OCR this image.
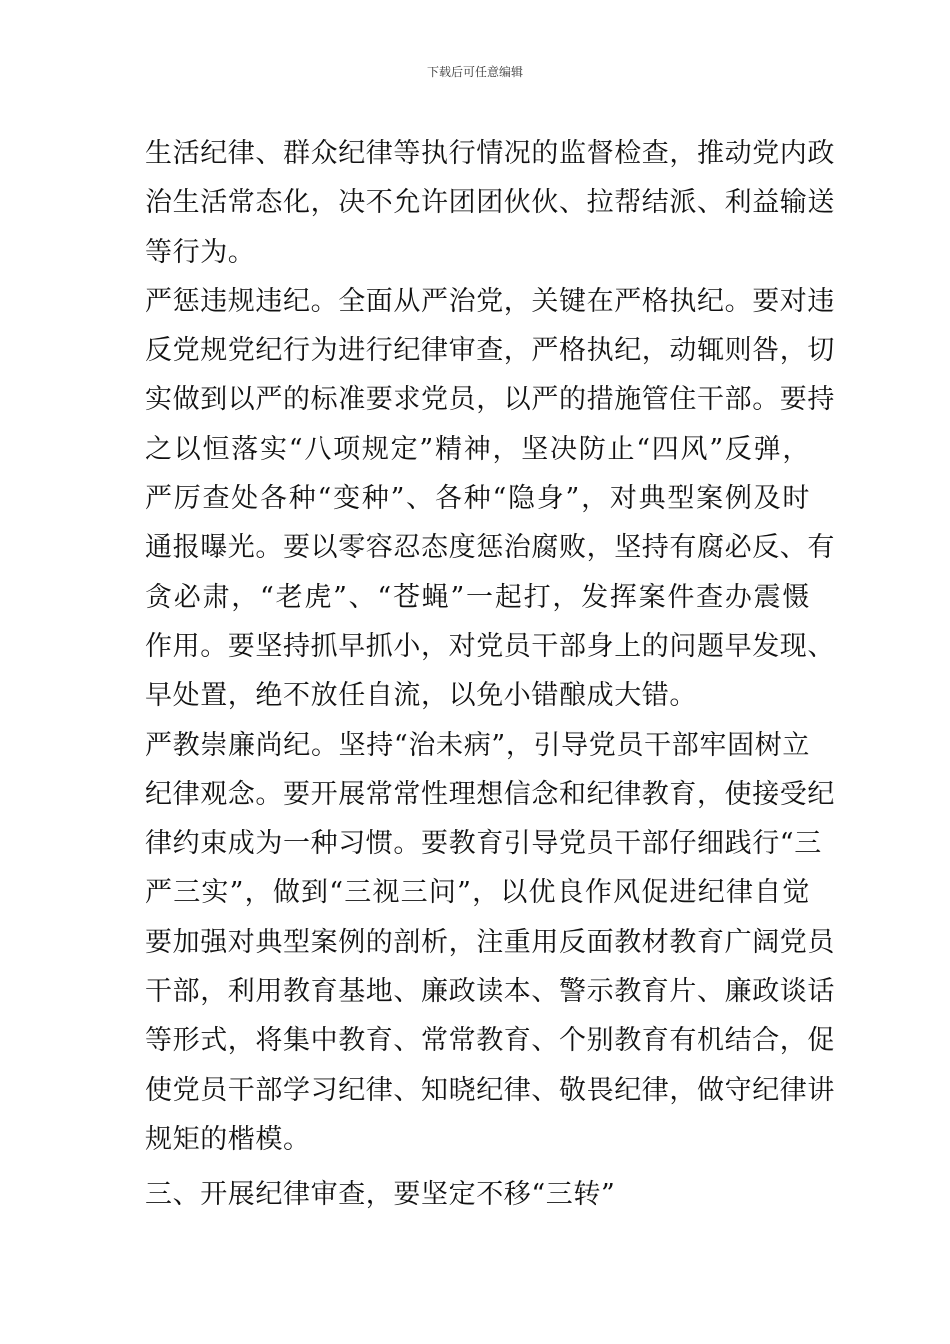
下载后可任意编辑
生活纪律、群众纪律等执行情况的监督检查，推动党内政
治生活常态化，决不允许团团伙伙、拉帮结派、利益输送
等行为。
严惩违规违纪。全面从严治党，关键在严格执纪。要对违
反党规党纪行为进行纪律审查，严格执纪，动辄则咎，切
实做到以严的标准要求党员，以严的措施管住干部。要持
之以恒落实“八项规定”精神，坚决防止“四风”反弹，
严厉查处各种“变种”、各种“隐身”，对典型案例及时
通报曝光。要以零容忍态度惩治腐败，坚持有腐必反、有
贪必肃，“老虎”、“苍蝇”一起打，发挥案件查办震慑
作用。要坚持抓早抓小，对党员干部身上的问题早发现、
早处置，绝不放任自流，以免小错酿成大错。
严教崇廉尚纪。坚持“治未病”，引导党员干部牢固树立
纪律观念。要开展常常性理想信念和纪律教育，使接受纪
律约束成为一种习惯。要教育引导党员干部仔细践行“三
严三实”，做到“三视三问”，以优良作风促进纪律自觉
要加强对典型案例的剖析，注重用反面教材教育广阔党员
干部，利用教育基地、廉政读本、警示教育片、廉政谈话
等形式，将集中教育、常常教育、个别教育有机结合，促
使党员干部学习纪律、知晓纪律、敬畏纪律，做守纪律讲
规矩的楷模。
三、开展纪律审查，要坚定不移“三转”
